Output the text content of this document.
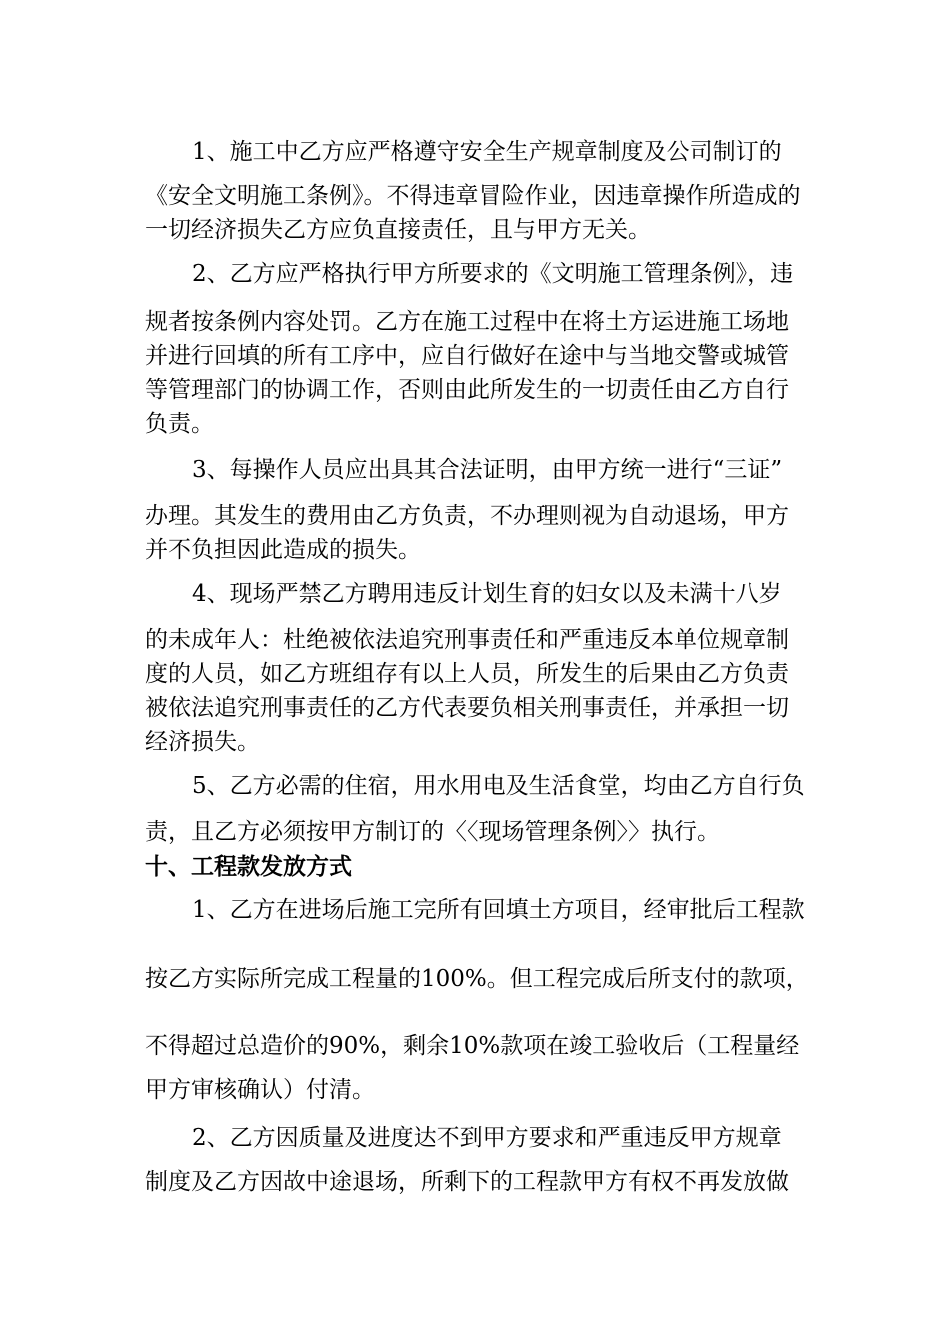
1、施工中乙方应严格遵守安全生产规章制度及公司制订的
《安全文明施工条例》。不得违章冒险作业，因违章操作所造成的
一切经济损失乙方应负直接责任，且与甲方无关。
2、乙方应严格执行甲方所要求的《文明施工管理条例》，违
规者按条例内容处罚。乙方在施工过程中在将土方运进施工场地
并进行回填的所有工序中，应自行做好在途中与当地交警或城管
等管理部门的协调工作，否则由此所发生的一切责任由乙方自行
负责。
3、每操作人员应出具其合法证明，由甲方统一进行“三证”
办理。其发生的费用由乙方负责，不办理则视为自动退场，甲方
并不负担因此造成的损失。
4、现场严禁乙方聘用违反计划生育的妇女以及未满十八岁
的未成年人：杜绝被依法追究刑事责任和严重违反本单位规章制
度的人员，如乙方班组存有以上人员，所发生的后果由乙方负责
被依法追究刑事责任的乙方代表要负相关刑事责任，并承担一切
经济损失。
5、乙方必需的住宿，用水用电及生活食堂，均由乙方自行负
责，且乙方必须按甲方制订的〈〈现场管理条例〉〉执行。
十、工程款发放方式
1、乙方在进场后施工完所有回填土方项目，经审批后工程款
按乙方实际所完成工程量的100%。但工程完成后所支付的款项，
不得超过总造价的90%，剩余10%款项在竣工验收后（工程量经
甲方审核确认）付清。
2、乙方因质量及进度达不到甲方要求和严重违反甲方规章
制度及乙方因故中途退场，所剩下的工程款甲方有权不再发放做
